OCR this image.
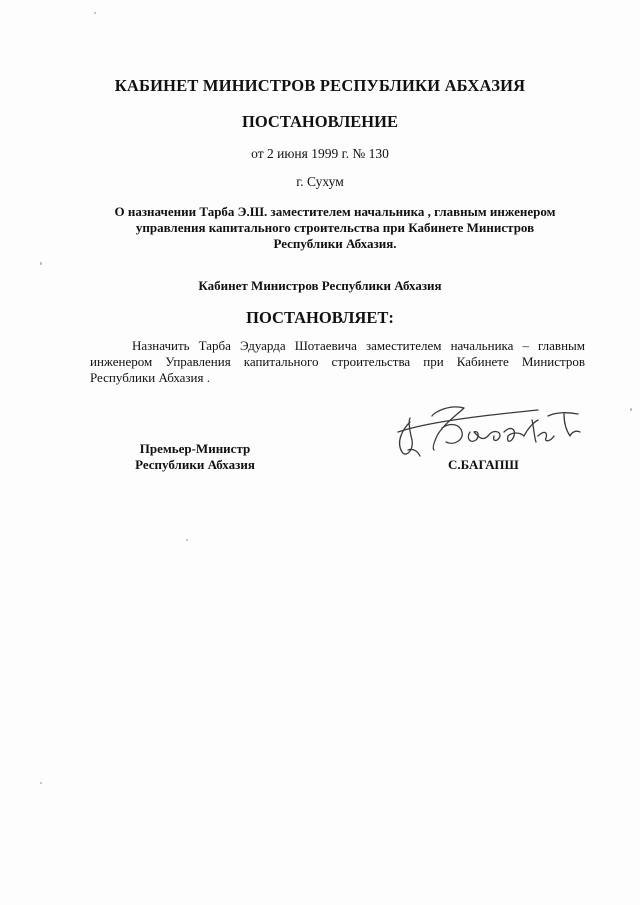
КАБИНЕТ МИНИСТРОВ РЕСПУБЛИКИ АБХАЗИЯ
ПОСТАНОВЛЕНИЕ
от 2 июня 1999 г. № 130
г. Сухум
О назначении Тарба Э.Ш. заместителем начальника , главным инженером управления капитального строительства при Кабинете Министров Республики Абхазия.
Кабинет Министров Республики Абхазия
ПОСТАНОВЛЯЕТ:
Назначить Тарба Эдуарда Шотаевича заместителем начальника – главным инженером Управления капитального строительства при Кабинете Министров Республики Абхазия .
Премьер-Министр
Республики Абхазия	С.БАГАПШ
